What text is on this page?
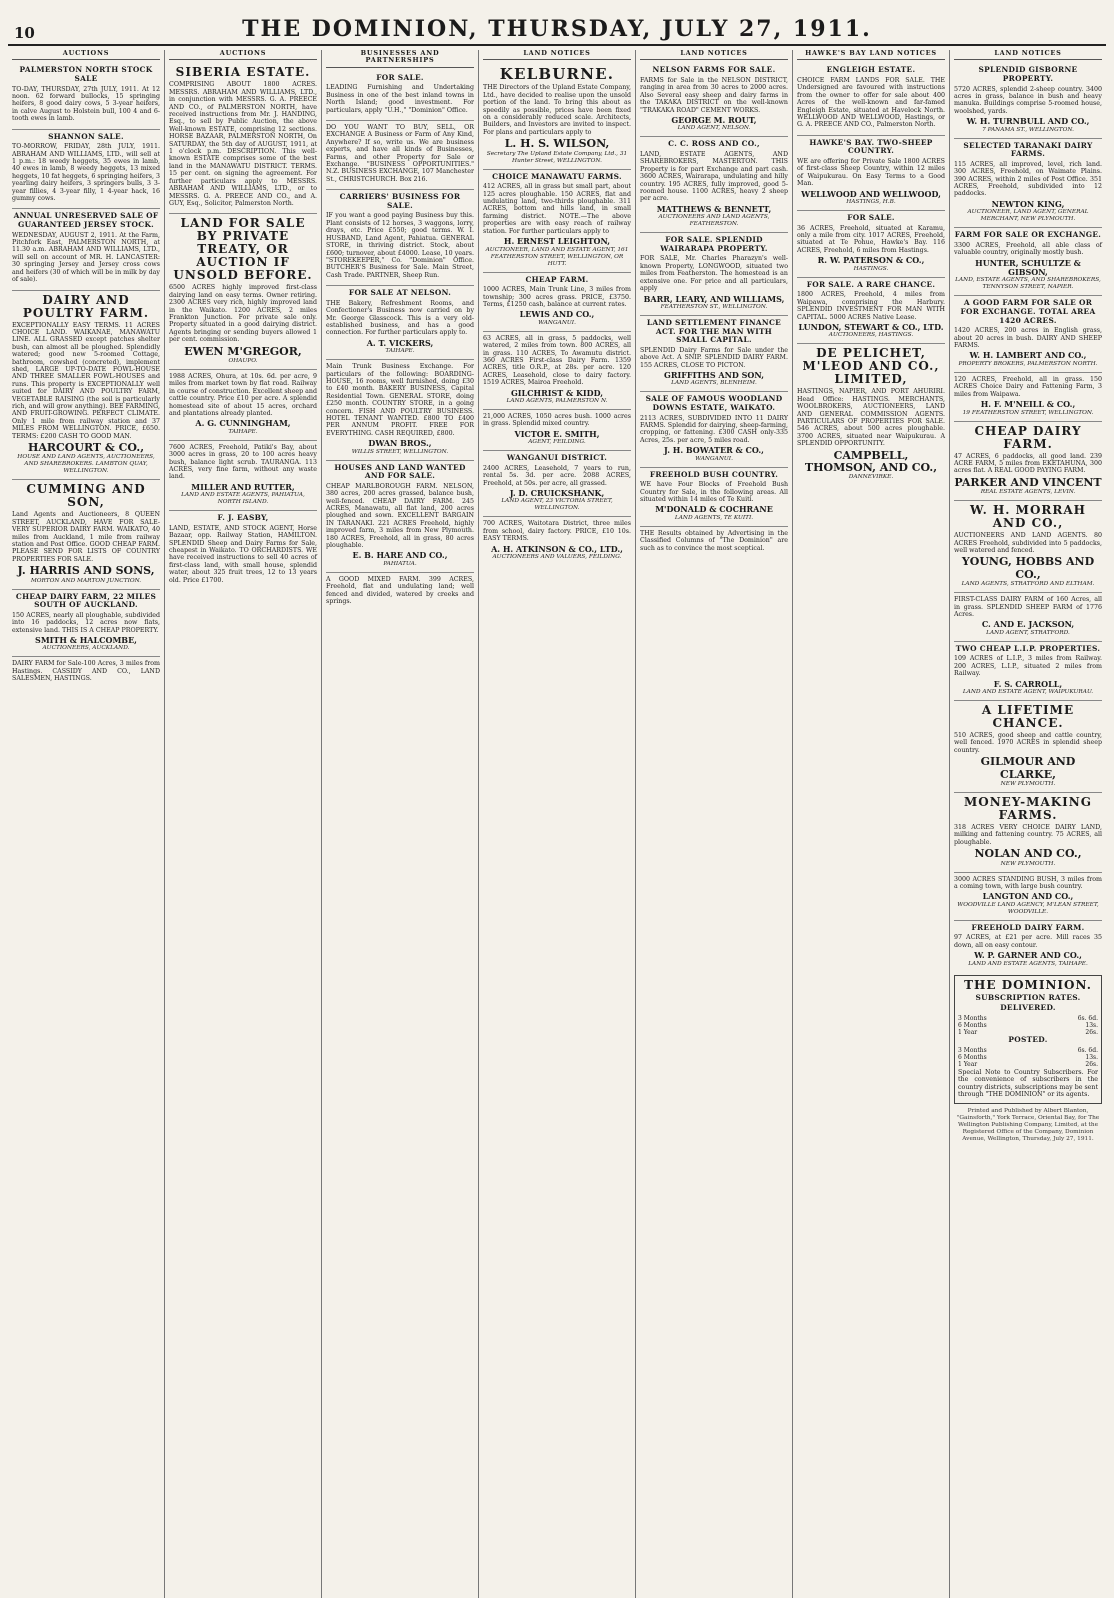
10	THE DOMINION, THURSDAY, JULY 27, 1911.
AUCTIONS
PALMERSTON NORTH STOCK SALE
TO-DAY, THURSDAY, 27th JULY, 1911. At 12 noon. 62 forward bullocks, 15 springing heifers, 8 good dairy cows, 5 3-year heifers, in calve August to Holstein bull, 100 4 and 6-tooth ewes in lamb.
SHANNON SALE.
TO-MORROW, FRIDAY, 28th JULY, 1911. ABRAHAM AND WILLIAMS, LTD., will sell at 1 p.m.: 18 weedy heggets, 35 ewes in lamb, 40 ewes in lamb, 8 weedy heggets, 13 mixed heggets, 10 fat heggets, 6 springing heifers, 3 yearling dairy heifers, 3 springers bulls, 3 3-year fillies, 4 3-year filly, 1 4-year hack, 16 gummy cows.
ANNUAL UNRESERVED SALE OF GUARANTEED JERSEY STOCK.
WEDNESDAY, AUGUST 2, 1911. At the Farm, Pitchfork East, PALMERSTON NORTH, at 11.30 a.m. ABRAHAM AND WILLIAMS, LTD., will sell on account of MR. H. LANCASTER: 30 springing Jersey and Jersey cross cows and heifers (30 of which will be in milk by day of sale).
DAIRY AND POULTRY FARM.
EXCEPTIONALLY EASY TERMS. 11 ACRES CHOICE LAND. WAIKANAE, MANAWATU LINE. ALL GRASSED except patches shelter bush, can almost all be ploughed. Splendidly watered; good new 5-roomed Cottage, bathroom, cowshed (concreted), implement shed, LARGE UP-TO-DATE FOWL-HOUSE AND THREE SMALLER FOWL-HOUSES and runs. This property is EXCEPTIONALLY well suited for DAIRY AND POULTRY FARM, VEGETABLE RAISING (the soil is particularly rich, and will grow anything). BEE FARMING, AND FRUIT-GROWING. PERFECT CLIMATE. Only 1 mile from railway station and 37 MILES FROM WELLINGTON. PRICE, £650. TERMS: £200 CASH TO GOOD MAN.
HARCOURT & CO.,
HOUSE AND LAND AGENTS, AUCTIONEERS, AND SHAREBROKERS. LAMBTON QUAY, WELLINGTON.
CUMMING AND SON,
Land Agents and Auctioneers, 8 QUEEN STREET, AUCKLAND, HAVE FOR SALE- VERY SUPERIOR DAIRY FARM. WAIKATO, 40 miles from Auckland, 1 mile from railway station and Post Office. GOOD CHEAP FARM. PLEASE SEND FOR LISTS OF COUNTRY PROPERTIES FOR SALE.
J. HARRIS AND SONS,
MORTON AND MARTON JUNCTION.
CHEAP DAIRY FARM, 22 MILES SOUTH OF AUCKLAND.
150 ACRES, nearly all ploughable, subdivided into 16 paddocks, 12 acres now flats, extensive land. THIS IS A CHEAP PROPERTY.
SMITH & HALCOMBE,
AUCTIONEERS, AUCKLAND.
DAIRY FARM for Sale-100 Acres, 3 miles from Hastings. CASSIDY AND CO., LAND SALESMEN, HASTINGS.
AUCTIONS
SIBERIA ESTATE.
COMPRISING ABOUT 1800 ACRES. MESSRS. ABRAHAM AND WILLIAMS, LTD., in conjunction with MESSRS. G. A. PREECE AND CO., of PALMERSTON NORTH, have received instructions from Mr. J. HANDING, Esq., to sell by Public Auction, the above Well-known ESTATE, comprising 12 sections. HORSE BAZAAR, PALMERSTON NORTH, On SATURDAY, the 5th day of AUGUST, 1911, at 1 o'clock p.m. DESCRIPTION. This well-known ESTATE comprises some of the best land in the MANAWATU DISTRICT. TERMS. 15 per cent. on signing the agreement. For further particulars apply to MESSRS. ABRAHAM AND WILLIAMS, LTD., or to MESSRS. G. A. PREECE AND CO., and A. GUY, Esq., Solicitor, Palmerston North.
LAND FOR SALE BY PRIVATE TREATY, OR AUCTION IF UNSOLD BEFORE.
6500 ACRES highly improved first-class dairying land on easy terms. Owner retiring. 2300 ACRES very rich, highly improved land in the Waikato. 1200 ACRES, 2 miles Frankton Junction. For private sale only. Property situated in a good dairying district. Agents bringing or sending buyers allowed 1 per cent. commission.
EWEN M'GREGOR,
OHAUPO.
1988 ACRES, Ohura, at 10s. 6d. per acre, 9 miles from market town by flat road. Railway in course of construction. Excellent sheep and cattle country. Price £10 per acre. A splendid homestead site of about 15 acres, orchard and plantations already planted.
A. G. CUNNINGHAM,
TAIHAPE.
7600 ACRES, Freehold, Patiki's Bay, about 3000 acres in grass, 20 to 100 acres heavy bush, balance light scrub. TAURANGA. 113 ACRES, very fine farm, without any waste land.
MILLER AND RUTTER,
LAND AND ESTATE AGENTS, PAHIATUA, NORTH ISLAND.
F. J. EASBY,
LAND, ESTATE, AND STOCK AGENT, Horse Bazaar, opp. Railway Station, HAMILTON. SPLENDID Sheep and Dairy Farms for Sale, cheapest in Waikato. TO ORCHARDISTS. WE have received instructions to sell 40 acres of first-class land, with small house, splendid water, about 325 fruit trees, 12 to 13 years old. Price £1700.
BUSINESSES AND PARTNERSHIPS
FOR SALE.
LEADING Furnishing and Undertaking Business in one of the best inland towns in North Island; good investment. For particulars, apply "U.H.," "Dominion" Office.
DO YOU WANT TO BUY, SELL, OR EXCHANGE A Business or Farm of Any Kind, Anywhere? If so, write us. We are business experts, and have all kinds of Businesses, Farms, and other Property for Sale or Exchange. "BUSINESS OPPORTUNITIES." N.Z. BUSINESS EXCHANGE, 107 Manchester St., CHRISTCHURCH. Box 216.
CARRIERS' BUSINESS FOR SALE.
IF you want a good paying Business buy this. Plant consists of 12 horses, 3 waggons, lorry, drays, etc. Price £550; good terms. W. I. HUSBAND, Land Agent, Pahiatua. GENERAL STORE, in thriving district. Stock, about £600; turnover, about £4000. Lease, 10 years. "STOREKEEPER," Co. "Dominion" Office. BUTCHER'S Business for Sale. Main Street, Cash Trade. PARTNER, Sheep Run.
FOR SALE AT NELSON.
THE Bakery, Refreshment Rooms, and Confectioner's Business now carried on by Mr. George Glasscock. This is a very old-established business, and has a good connection. For further particulars apply to.
A. T. VICKERS,
TAIHAPE.
Main Trunk Business Exchange. For particulars of the following: BOARDING-HOUSE, 16 rooms, well furnished, doing £30 to £40 month. BAKERY BUSINESS, Capital Residential Town. GENERAL STORE, doing £250 month. COUNTRY STORE, in a going concern. FISH AND POULTRY BUSINESS. HOTEL TENANT WANTED. £800 TO £400 PER ANNUM PROFIT. FREE FOR EVERYTHING. CASH REQUIRED, £800.
DWAN BROS.,
WILLIS STREET, WELLINGTON.
HOUSES AND LAND WANTED AND FOR SALE.
CHEAP MARLBOROUGH FARM. NELSON, 380 acres, 200 acres grassed, balance bush, well-fenced. CHEAP DAIRY FARM. 245 ACRES, Manawatu, all flat land, 200 acres ploughed and sown. EXCELLENT BARGAIN IN TARANAKI. 221 ACRES Freehold, highly improved farm, 3 miles from New Plymouth. 180 ACRES, Freehold, all in grass, 80 acres ploughable.
E. B. HARE AND CO.,
PAHIATUA.
A GOOD MIXED FARM. 399 ACRES, Freehold, flat and undulating land; well fenced and divided, watered by creeks and springs.
LAND NOTICES
KELBURNE.
THE Directors of the Upland Estate Company, Ltd., have decided to realise upon the unsold portion of the land. To bring this about as speedily as possible, prices have been fixed on a considerably reduced scale. Architects, Builders, and Investors are invited to inspect. For plans and particulars apply to
L. H. S. WILSON,
Secretary The Upland Estate Company, Ltd., 31 Hunter Street, WELLINGTON.
CHOICE MANAWATU FARMS.
412 ACRES, all in grass but small part, about 125 acres ploughable. 150 ACRES, flat and undulating land, two-thirds ploughable. 311 ACRES, bottom and hills land, in small farming district. NOTE.—The above properties are with easy reach of railway station. For further particulars apply to
H. ERNEST LEIGHTON,
AUCTIONEER, LAND AND ESTATE AGENT, 161 FEATHERSTON STREET, WELLINGTON, OR HUTT.
CHEAP FARM.
1000 ACRES, Main Trunk Line, 3 miles from township; 300 acres grass. PRICE, £3750. Terms, £1250 cash, balance at current rates.
LEWIS AND CO.,
WANGANUI.
63 ACRES, all in grass, 5 paddocks, well watered, 2 miles from town. 800 ACRES, all in grass. 110 ACRES, To Awamutu district. 360 ACRES First-class Dairy Farm. 1359 ACRES, title O.R.P., at 28s. per acre. 120 ACRES, Leasehold, close to dairy factory. 1519 ACRES, Mairoa Freehold.
GILCHRIST & KIDD,
LAND AGENTS, PALMERSTON N.
21,000 ACRES, 1050 acres bush. 1000 acres in grass. Splendid mixed country.
VICTOR E. SMITH,
AGENT, FEILDING.
WANGANUI DISTRICT.
2400 ACRES, Leasehold, 7 years to run, rental 5s. 3d. per acre. 2088 ACRES, Freehold, at 50s. per acre, all grassed.
J. D. CRUICKSHANK,
LAND AGENT, 23 VICTORIA STREET, WELLINGTON.
700 ACRES, Waitotara District, three miles from school, dairy factory. PRICE, £10 10s. EASY TERMS.
A. H. ATKINSON & CO., LTD.,
AUCTIONEERS AND VALUERS, FEILDING.
LAND NOTICES
NELSON FARMS FOR SALE.
FARMS for Sale in the NELSON DISTRICT, ranging in area from 30 acres to 2000 acres. Also Several easy sheep and dairy farms in the TAKAKA DISTRICT on the well-known "TRAKAKA ROAD" CEMENT WORKS.
GEORGE M. ROUT,
LAND AGENT, NELSON.
C. C. ROSS AND CO.,
LAND, ESTATE AGENTS, AND SHAREBROKERS, MASTERTON. THIS Property is for part Exchange and part cash. 3600 ACRES, Wairarapa, undulating and hilly country. 195 ACRES, fully improved, good 5-roomed house. 1100 ACRES, heavy 2 sheep per acre.
MATTHEWS & BENNETT,
AUCTIONEERS AND LAND AGENTS, FEATHERSTON.
FOR SALE. SPLENDID WAIRARAPA PROPERTY.
FOR SALE, Mr. Charles Pharazyn's well-known Property, LONGWOOD, situated two miles from Featherston. The homestead is an extensive one. For price and all particulars, apply
BARR, LEARY, AND WILLIAMS,
FEATHERSTON ST., WELLINGTON.
LAND SETTLEMENT FINANCE ACT. FOR THE MAN WITH SMALL CAPITAL.
SPLENDID Dairy Farms for Sale under the above Act. A SNIP. SPLENDID DAIRY FARM. 155 ACRES, CLOSE TO PICTON.
GRIFFITHS AND SON,
LAND AGENTS, BLENHEIM.
SALE OF FAMOUS WOODLAND DOWNS ESTATE, WAIKATO.
2113 ACRES, SUBDIVIDED INTO 11 DAIRY FARMS. Splendid for dairying, sheep-farming, cropping, or fattening. £300 CASH only-335 Acres, 25s. per acre, 5 miles road.
J. H. BOWATER & CO.,
WANGANUI.
FREEHOLD BUSH COUNTRY.
WE have Four Blocks of Freehold Bush Country for Sale, in the following areas. All situated within 14 miles of Te Kuiti.
M'DONALD & COCHRANE
LAND AGENTS, TE KUITI.
THE Results obtained by Advertising in the Classified Columns of "The Dominion" are such as to convince the most sceptical.
HAWKE'S BAY LAND NOTICES
ENGLEIGH ESTATE.
CHOICE FARM LANDS FOR SALE. THE Undersigned are favoured with instructions from the owner to offer for sale about 400 Acres of the well-known and far-famed Engleigh Estate, situated at Havelock North. WELLWOOD AND WELLWOOD, Hastings, or G. A. PREECE AND CO., Palmerston North.
HAWKE'S BAY. TWO-SHEEP COUNTRY.
WE are offering for Private Sale 1800 ACRES of first-class Sheep Country, within 12 miles of Waipukurau. On Easy Terms to a Good Man.
WELLWOOD AND WELLWOOD,
HASTINGS, H.B.
FOR SALE.
36 ACRES, Freehold, situated at Karamu, only a mile from city. 1017 ACRES, Freehold, situated at Te Pohue, Hawke's Bay. 116 ACRES, Freehold, 6 miles from Hastings.
R. W. PATERSON & CO.,
HASTINGS.
FOR SALE. A RARE CHANCE.
1800 ACRES, Freehold, 4 miles from Waipawa, comprising the Harbury. SPLENDID INVESTMENT FOR MAN WITH CAPITAL. 5000 ACRES Native Lease.
LUNDON, STEWART & CO., LTD.
AUCTIONEERS, HASTINGS.
DE PELICHET, M'LEOD AND CO., LIMITED,
HASTINGS, NAPIER, AND PORT AHURIRI. Head Office: HASTINGS. MERCHANTS, WOOLBROKERS, AUCTIONEERS, LAND AND GENERAL COMMISSION AGENTS. PARTICULARS OF PROPERTIES FOR SALE. 546 ACRES, about 500 acres ploughable. 3700 ACRES, situated near Waipukurau. A SPLENDID OPPORTUNITY.
CAMPBELL, THOMSON, AND CO.,
DANNEVIRKE.
LAND NOTICES
SPLENDID GISBORNE PROPERTY.
5720 ACRES, splendid 2-sheep country. 3400 acres in grass, balance in bush and heavy manuka. Buildings comprise 5-roomed house, woolshed, yards.
W. H. TURNBULL AND CO.,
7 PANAMA ST., WELLINGTON.
SELECTED TARANAKI DAIRY FARMS.
115 ACRES, all improved, level, rich land. 300 ACRES, Freehold, on Waimate Plains. 390 ACRES, within 2 miles of Post Office. 351 ACRES, Freehold, subdivided into 12 paddocks.
NEWTON KING,
AUCTIONEER, LAND AGENT, GENERAL MERCHANT, NEW PLYMOUTH.
FARM FOR SALE OR EXCHANGE.
3300 ACRES, Freehold, all able class of valuable country, originally mostly bush.
HUNTER, SCHULTZE & GIBSON,
LAND, ESTATE AGENTS, AND SHAREBROKERS, TENNYSON STREET, NAPIER.
A GOOD FARM FOR SALE OR FOR EXCHANGE. TOTAL AREA 1420 ACRES.
1420 ACRES, 200 acres in English grass, about 20 acres in bush. DAIRY AND SHEEP FARMS.
W. H. LAMBERT AND CO.,
PROPERTY BROKERS, PALMERSTON NORTH.
120 ACRES, Freehold, all in grass. 150 ACRES Choice Dairy and Fattening Farm, 3 miles from Waipawa.
H. F. M'NEILL & CO.,
19 FEATHERSTON STREET, WELLINGTON.
CHEAP DAIRY FARM.
47 ACRES, 6 paddocks, all good land. 239 ACRE FARM, 5 miles from EKETAHUNA, 300 acres flat. A REAL GOOD PAYING FARM.
PARKER AND VINCENT
REAL ESTATE AGENTS, LEVIN.
W. H. MORRAH AND CO.,
AUCTIONEERS AND LAND AGENTS. 80 ACRES Freehold, subdivided into 5 paddocks, well watered and fenced.
YOUNG, HOBBS AND CO.,
LAND AGENTS, STRATFORD AND ELTHAM.
FIRST-CLASS DAIRY FARM of 160 Acres, all in grass. SPLENDID SHEEP FARM of 1776 Acres.
C. AND E. JACKSON,
LAND AGENT, STRATFORD.
TWO CHEAP L.I.P. PROPERTIES.
109 ACRES of L.I.P., 3 miles from Railway. 200 ACRES, L.I.P., situated 2 miles from Railway.
F. S. CARROLL,
LAND AND ESTATE AGENT, WAIPUKURAU.
A LIFETIME CHANCE.
510 ACRES, good sheep and cattle country, well fenced. 1970 ACRES in splendid sheep country.
GILMOUR AND CLARKE,
NEW PLYMOUTH.
MONEY-MAKING FARMS.
318 ACRES VERY CHOICE DAIRY LAND, milking and fattening country. 75 ACRES, all ploughable.
NOLAN AND CO.,
NEW PLYMOUTH.
3000 ACRES STANDING BUSH, 3 miles from a coming town, with large bush country.
LANGTON AND CO.,
WOODVILLE LAND AGENCY, M'LEAN STREET, WOODVILLE.
FREEHOLD DAIRY FARM.
97 ACRES, at £21 per acre. Mill races 35 down, all on easy contour.
W. P. GARNER AND CO.,
LAND AND ESTATE AGENTS, TAIHAPE.
THE DOMINION.
SUBSCRIPTION RATES.
DELIVERED.
3 Months	6s. 6d.
6 Months	13s.
1 Year	26s.
POSTED.
3 Months	6s. 6d.
6 Months	13s.
1 Year	26s.
Special Note to Country Subscribers. For the convenience of subscribers in the country districts, subscriptions may be sent through "THE DOMINION" or its agents.
Printed and Published by Albert Blanton, "Gainsforth," York Terrace, Oriental Bay, for The Wellington Publishing Company, Limited, at the Registered Office of the Company, Dominion Avenue, Wellington, Thursday, July 27, 1911.
